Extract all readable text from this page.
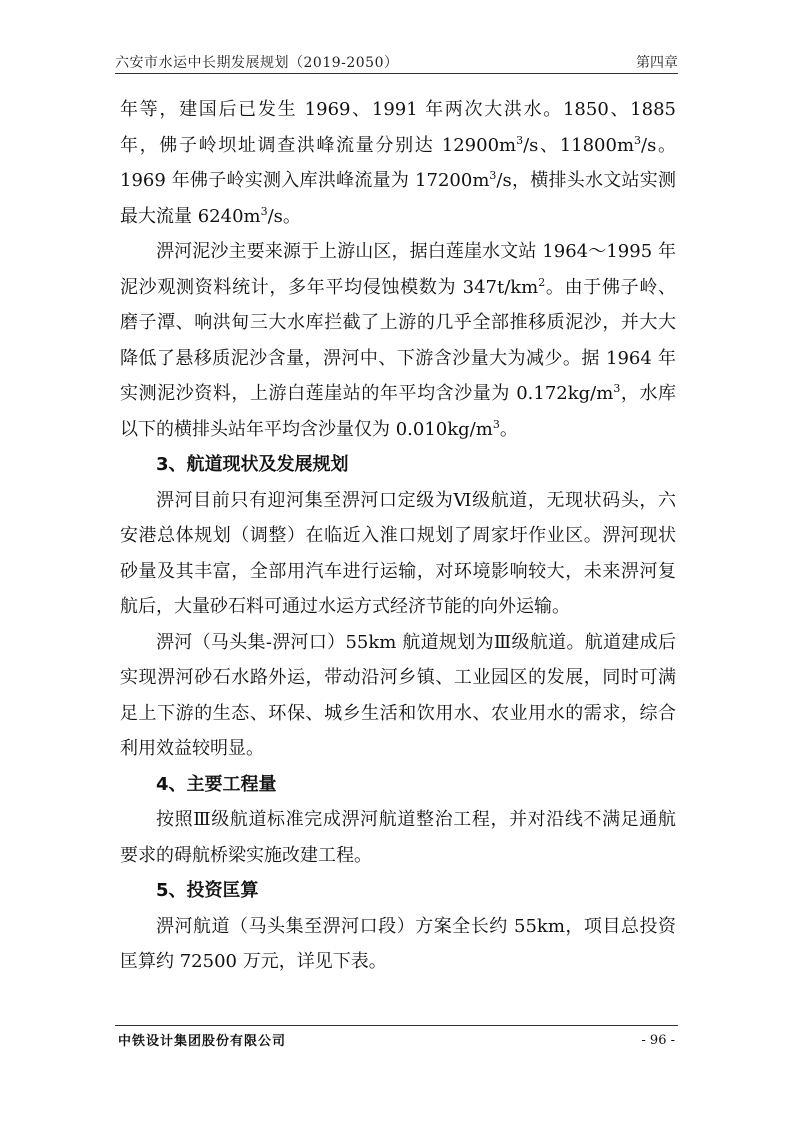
六安市水运中长期发展规划（2019-2050）	第四章

年等，建国后已发生 1969、1991 年两次大洪水。1850、1885 年，佛子岭坝址调查洪峰流量分别达 $12900m^3/s$、$11800m^3/s$。1969 年佛子岭实测入库洪峰流量为 $17200m^3/s$，横排头水文站实测最大流量 $6240m^3/s$。

淠河泥沙主要来源于上游山区，据白莲崖水文站 1964～1995 年泥沙观测资料统计，多年平均侵蚀模数为 $347t/km^2$。由于佛子岭、磨子潭、响洪甸三大水库拦截了上游的几乎全部推移质泥沙，并大大降低了悬移质泥沙含量，淠河中、下游含沙量大为减少。据 1964 年实测泥沙资料，上游白莲崖站的年平均含沙量为 $0.172kg/m^3$，水库以下的横排头站年平均含沙量仅为 $0.010kg/m^3$。

3、航道现状及发展规划

淠河目前只有迎河集至淠河口定级为Ⅵ级航道，无现状码头，六安港总体规划（调整）在临近入淮口规划了周家圩作业区。淠河现状砂量及其丰富，全部用汽车进行运输，对环境影响较大，未来淠河复航后，大量砂石料可通过水运方式经济节能的向外运输。

淠河（马头集-淠河口）55km 航道规划为Ⅲ级航道。航道建成后实现淠河砂石水路外运，带动沿河乡镇、工业园区的发展，同时可满足上下游的生态、环保、城乡生活和饮用水、农业用水的需求，综合利用效益较明显。

4、主要工程量

按照Ⅲ级航道标准完成淠河航道整治工程，并对沿线不满足通航要求的碍航桥梁实施改建工程。

5、投资匡算

淠河航道（马头集至淠河口段）方案全长约 55km，项目总投资匡算约 72500 万元，详见下表。

中铁设计集团股份有限公司	- 96 -
